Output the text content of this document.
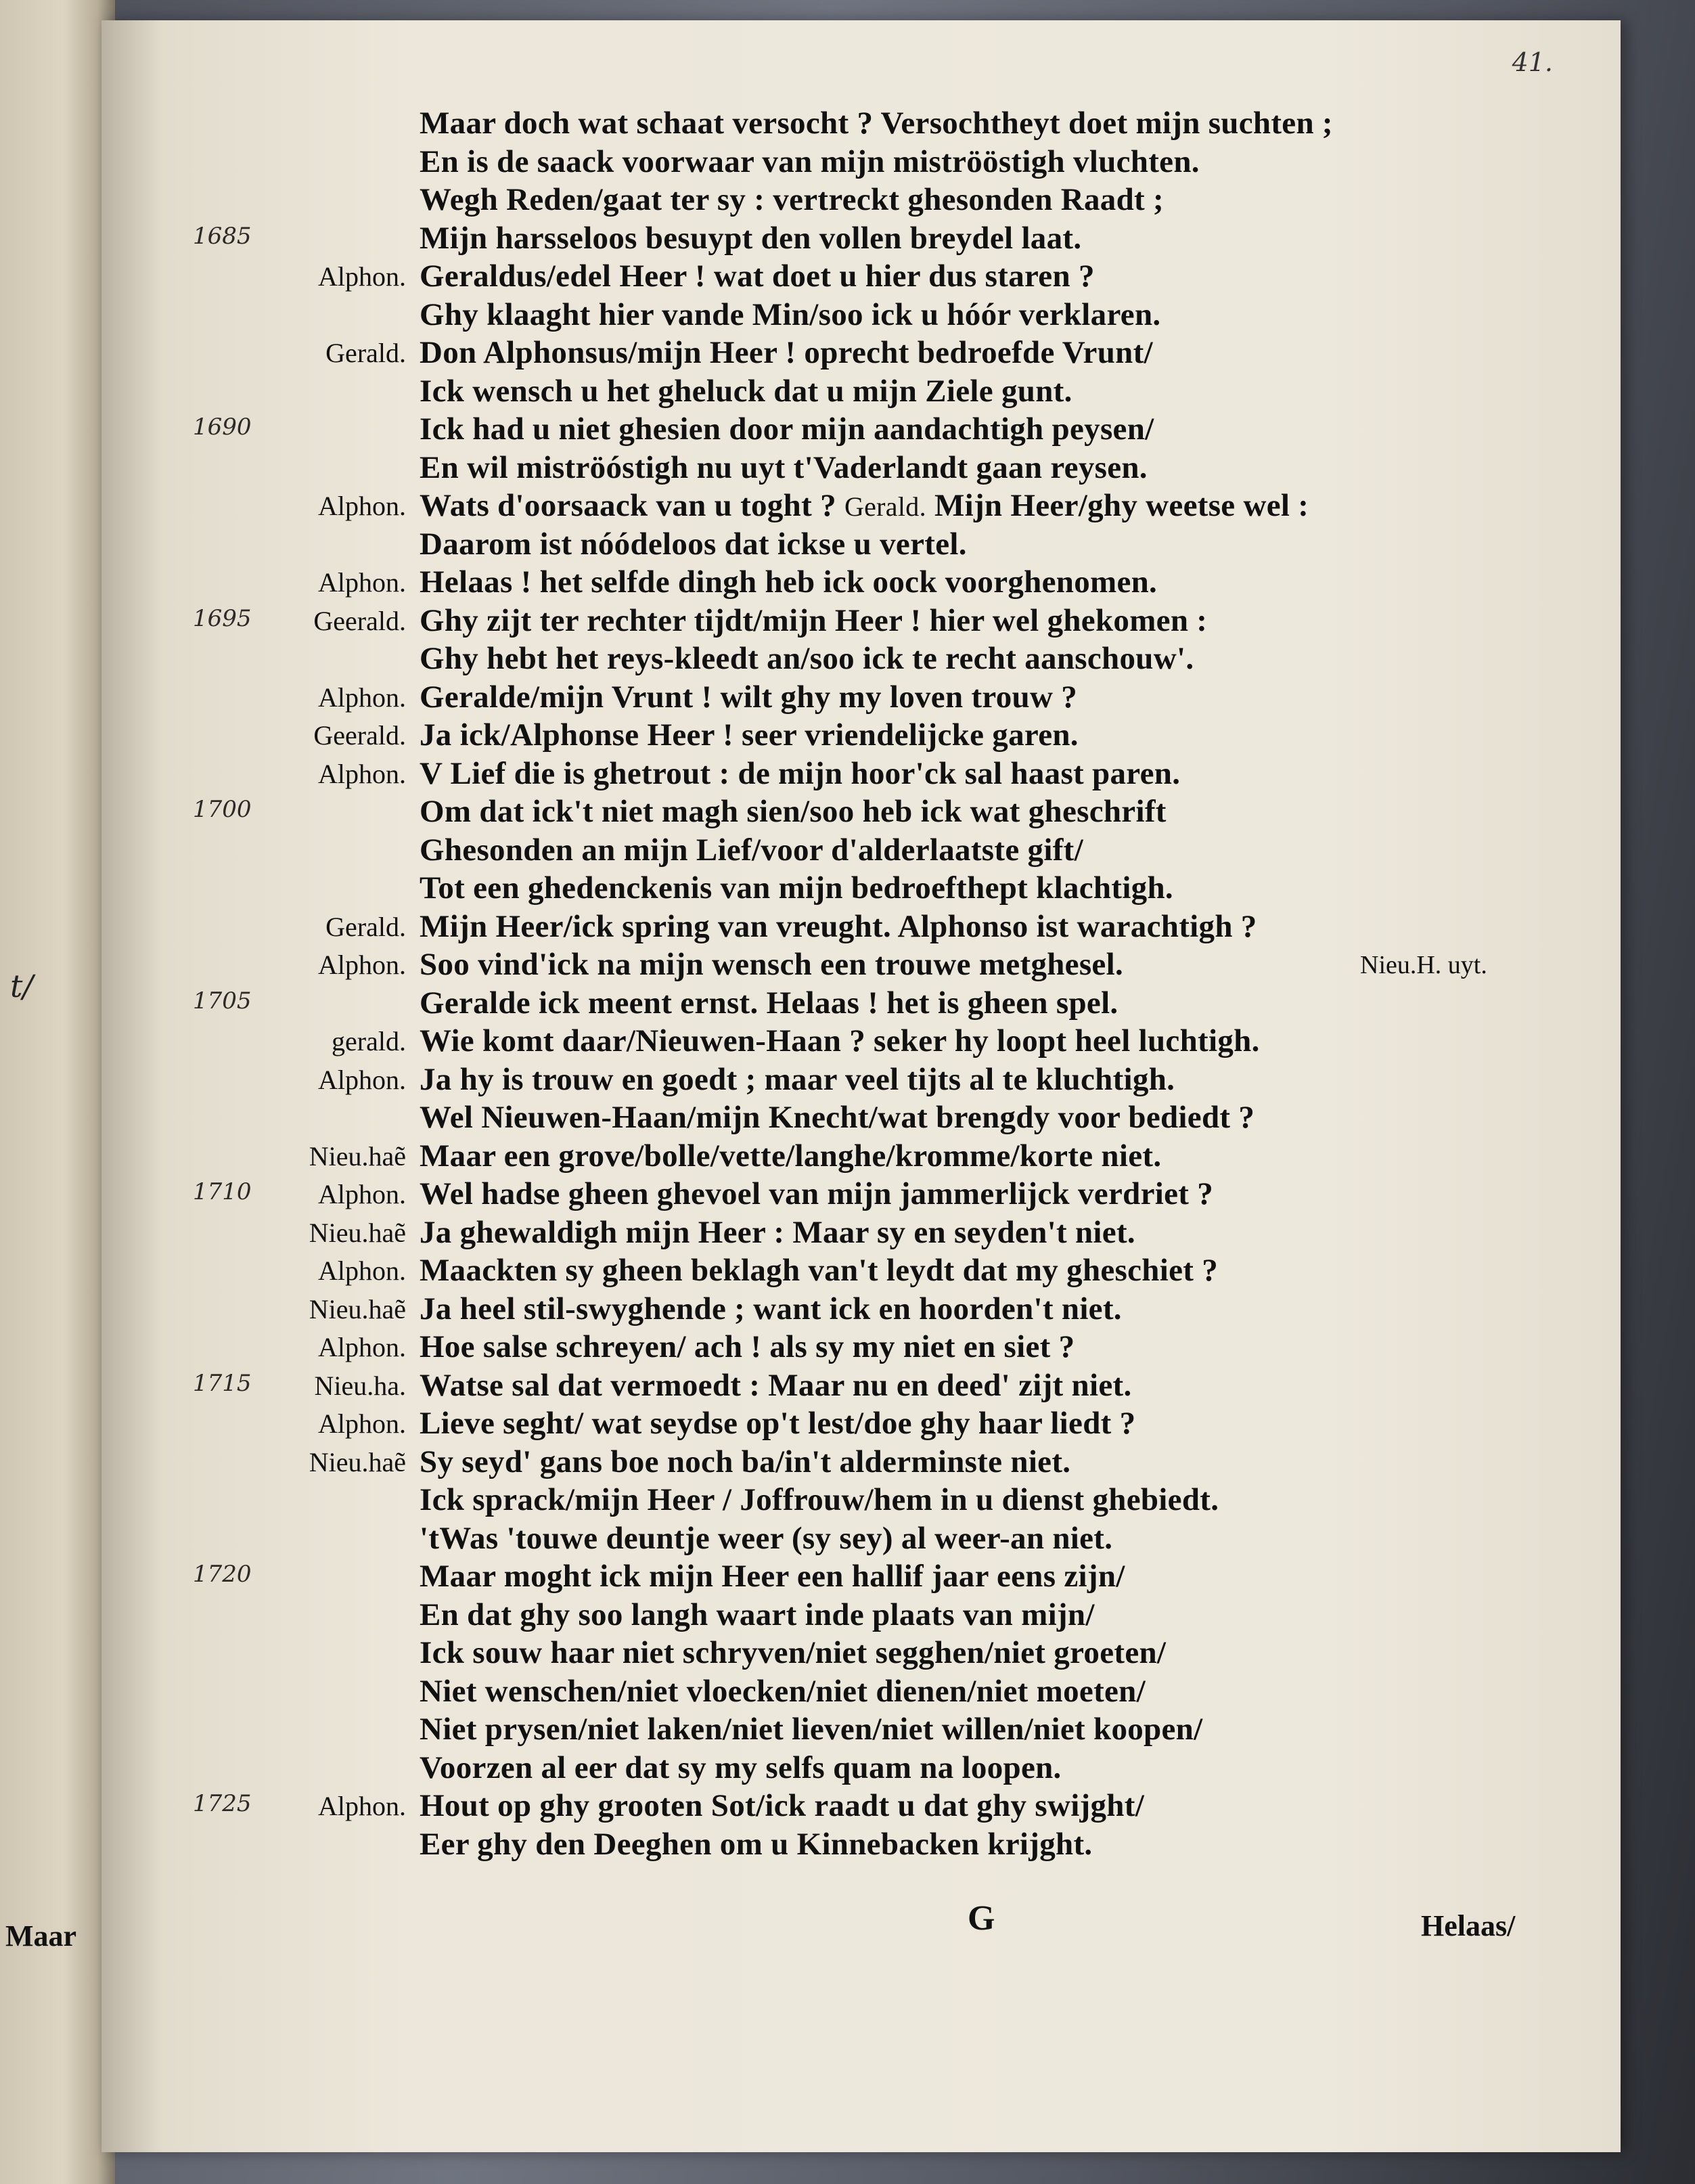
t/
Maar
41.
Maar doch wat schaat versocht ? Versochtheyt doet mijn suchten ;
En is de saack voorwaar van mijn miströöstigh vluchten.
Wegh Reden/gaat ter sy : vertreckt ghesonden Raadt ;
1685	Mijn harsseloos besuypt den vollen breydel laat.
Alphon. Geraldus/edel Heer ! wat doet u hier dus staren ?
Ghy klaaght hier vande Min/soo ick u hóór verklaren.
Gerald. Don Alphonsus/mijn Heer ! oprecht bedroefde Vrunt/
Ick wensch u het gheluck dat u mijn Ziele gunt.
1690	Ick had u niet ghesien door mijn aandachtigh peysen/
En wil miströóstigh nu uyt t'Vaderlandt gaan reysen.
Alphon. Wats d'oorsaack van u toght ? Gerald. Mijn Heer/ghy weetse wel :
Daarom ist nóódeloos dat ickse u vertel.
Alphon. Helaas ! het selfde dingh heb ick oock voorghenomen.
1695	Geerald. Ghy zijt ter rechter tijdt/mijn Heer ! hier wel ghekomen :
Ghy hebt het reys-kleedt an/soo ick te recht aanschouw'.
Alphon. Geralde/mijn Vrunt ! wilt ghy my loven trouw ?
Geerald. Ja ick/Alphonse Heer ! seer vriendelijcke garen.
Alphon. V Lief die is ghetrout : de mijn hoor'ck sal haast paren.
1700	Om dat ick't niet magh sien/soo heb ick wat gheschrift
Ghesonden an mijn Lief/voor d'alderlaatste gift/
Tot een ghedenckenis van mijn bedroefthept klachtigh.
Gerald. Mijn Heer/ick spring van vreught. Alphonso ist warachtigh ?
Alphon. Soo vind'ick na mijn wensch een trouwe metghesel.
1705	Geralde ick meent ernst. Helaas ! het is gheen spel.
gerald. Wie komt daar/Nieuwen-Haan ? seker hy loopt heel luchtigh.
Alphon. Ja hy is trouw en goedt ; maar veel tijts al te kluchtigh.
Wel Nieuwen-Haan/mijn Knecht/wat brengdy voor bediedt ?
Nieu.haẽ Maar een grove/bolle/vette/langhe/kromme/korte niet.
1710	Alphon. Wel hadse gheen ghevoel van mijn jammerlijck verdriet ?
Nieu.haẽ Ja ghewaldigh mijn Heer : Maar sy en seyden't niet.
Alphon. Maackten sy gheen beklagh van't leydt dat my gheschiet ?
Nieu.haẽ Ja heel stil-swyghende ; want ick en hoorden't niet.
Alphon. Hoe salse schreyen/ ach ! als sy my niet en siet ?
1715	Nieu.ha. Watse sal dat vermoedt : Maar nu en deed' zijt niet.
Alphon. Lieve seght/ wat seydse op't lest/doe ghy haar liedt ?
Nieu.haẽ Sy seyd' gans boe noch ba/in't alderminste niet.
Ick sprack/mijn Heer / Joffrouw/hem in u dienst ghebiedt.
'tWas 'touwe deuntje weer (sy sey) al weer-an niet.
1720	Maar moght ick mijn Heer een hallif jaar eens zijn/
En dat ghy soo langh waart inde plaats van mijn/
Ick souw haar niet schryven/niet segghen/niet groeten/
Niet wenschen/niet vloecken/niet dienen/niet moeten/
Niet prysen/niet laken/niet lieven/niet willen/niet koopen/
Voorzen al eer dat sy my selfs quam na loopen.
1725	Alphon. Hout op ghy grooten Sot/ick raadt u dat ghy swijght/
Eer ghy den Deeghen om u Kinnebacken krijght.
Nieu.H. uyt.
G	Helaas/
